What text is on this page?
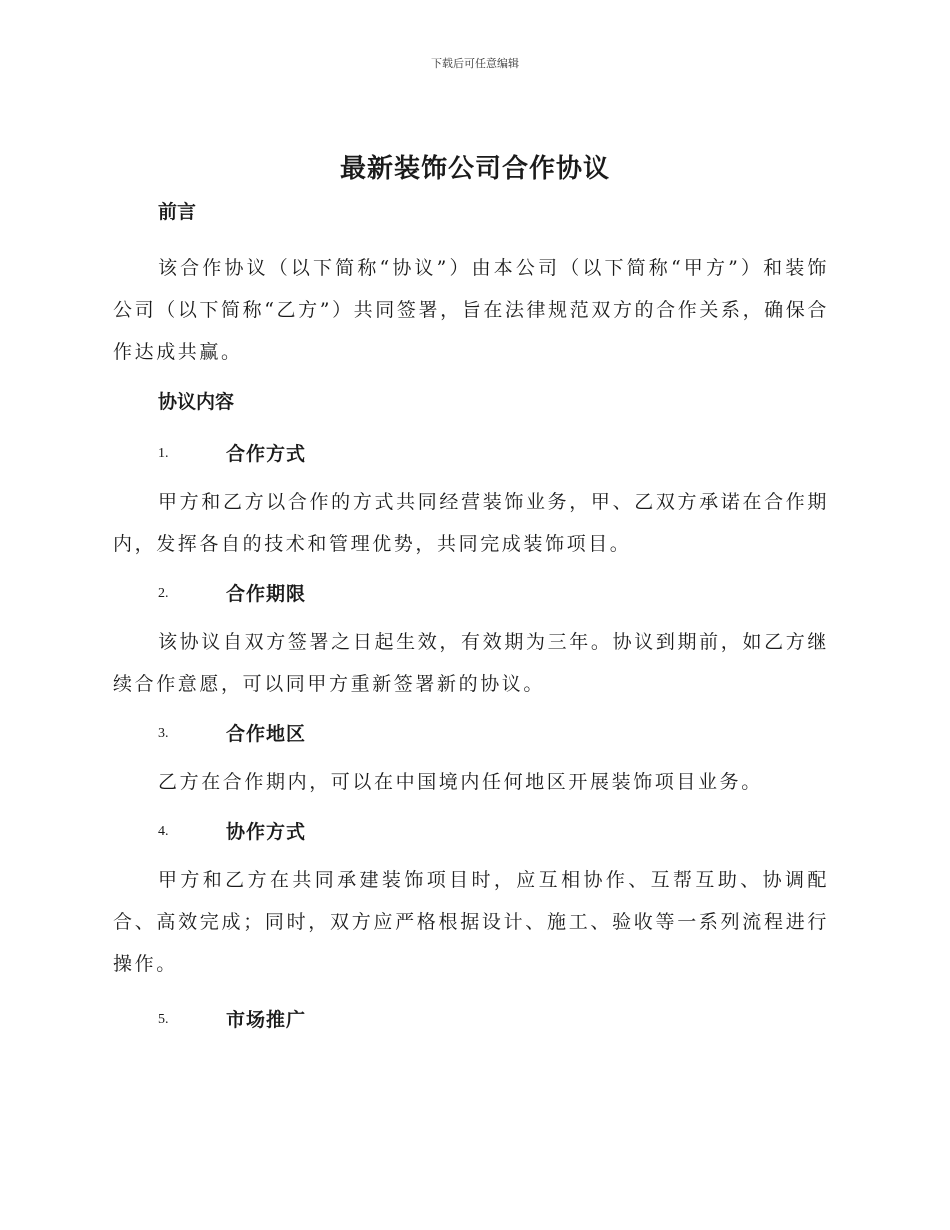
下载后可任意编辑
最新装饰公司合作协议
前言

该合作协议（以下简称“协议”）由本公司（以下简称“甲方”）和装饰公司（以下简称“乙方”）共同签署，旨在法律规范双方的合作关系，确保合作达成共赢。

协议内容
1.	合作方式

甲方和乙方以合作的方式共同经营装饰业务，甲、乙双方承诺在合作期内，发挥各自的技术和管理优势，共同完成装饰项目。

2.	合作期限

该协议自双方签署之日起生效，有效期为三年。协议到期前，如乙方继续合作意愿，可以同甲方重新签署新的协议。

3.	合作地区

乙方在合作期内，可以在中国境内任何地区开展装饰项目业务。

4.	协作方式

甲方和乙方在共同承建装饰项目时，应互相协作、互帮互助、协调配合、高效完成；同时，双方应严格根据设计、施工、验收等一系列流程进行操作。

5.	市场推广
